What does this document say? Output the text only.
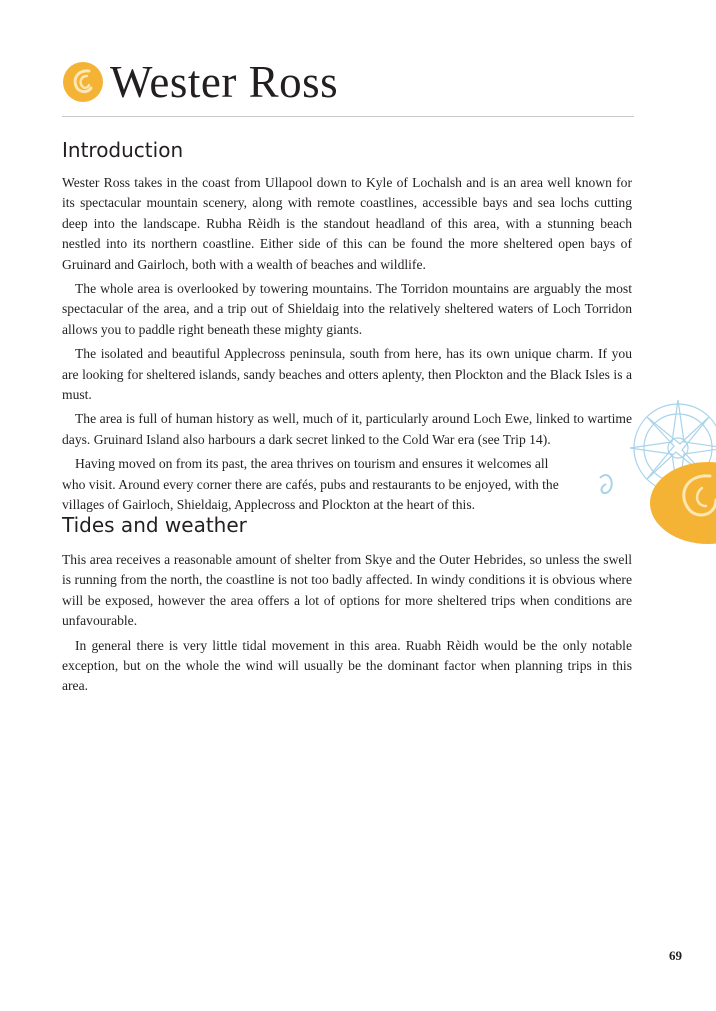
Wester Ross
Introduction

Wester Ross takes in the coast from Ullapool down to Kyle of Lochalsh and is an area well known for its spectacular mountain scenery, along with remote coastlines, accessible bays and sea lochs cutting deep into the landscape. Rubha Rèidh is the standout headland of this area, with a stunning beach nestled into its northern coastline. Either side of this can be found the more sheltered open bays of Gruinard and Gairloch, both with a wealth of beaches and wildlife.

The whole area is overlooked by towering mountains. The Torridon mountains are arguably the most spectacular of the area, and a trip out of Shieldaig into the relatively sheltered waters of Loch Torridon allows you to paddle right beneath these mighty giants.

The isolated and beautiful Applecross peninsula, south from here, has its own unique charm. If you are looking for sheltered islands, sandy beaches and otters aplenty, then Plockton and the Black Isles is a must.

The area is full of human history as well, much of it, particularly around Loch Ewe, linked to wartime days. Gruinard Island also harbours a dark secret linked to the Cold War era (see Trip 14).

Having moved on from its past, the area thrives on tourism and ensures it welcomes all who visit. Around every corner there are cafés, pubs and restaurants to be enjoyed, with the villages of Gairloch, Shieldaig, Applecross and Plockton at the heart of this.

Tides and weather

This area receives a reasonable amount of shelter from Skye and the Outer Hebrides, so unless the swell is running from the north, the coastline is not too badly affected. In windy conditions it is obvious where will be exposed, however the area offers a lot of options for more sheltered trips when conditions are unfavourable.

In general there is very little tidal movement in this area. Ruabh Rèidh would be the only notable exception, but on the whole the wind will usually be the dominant factor when planning trips in this area.

69
